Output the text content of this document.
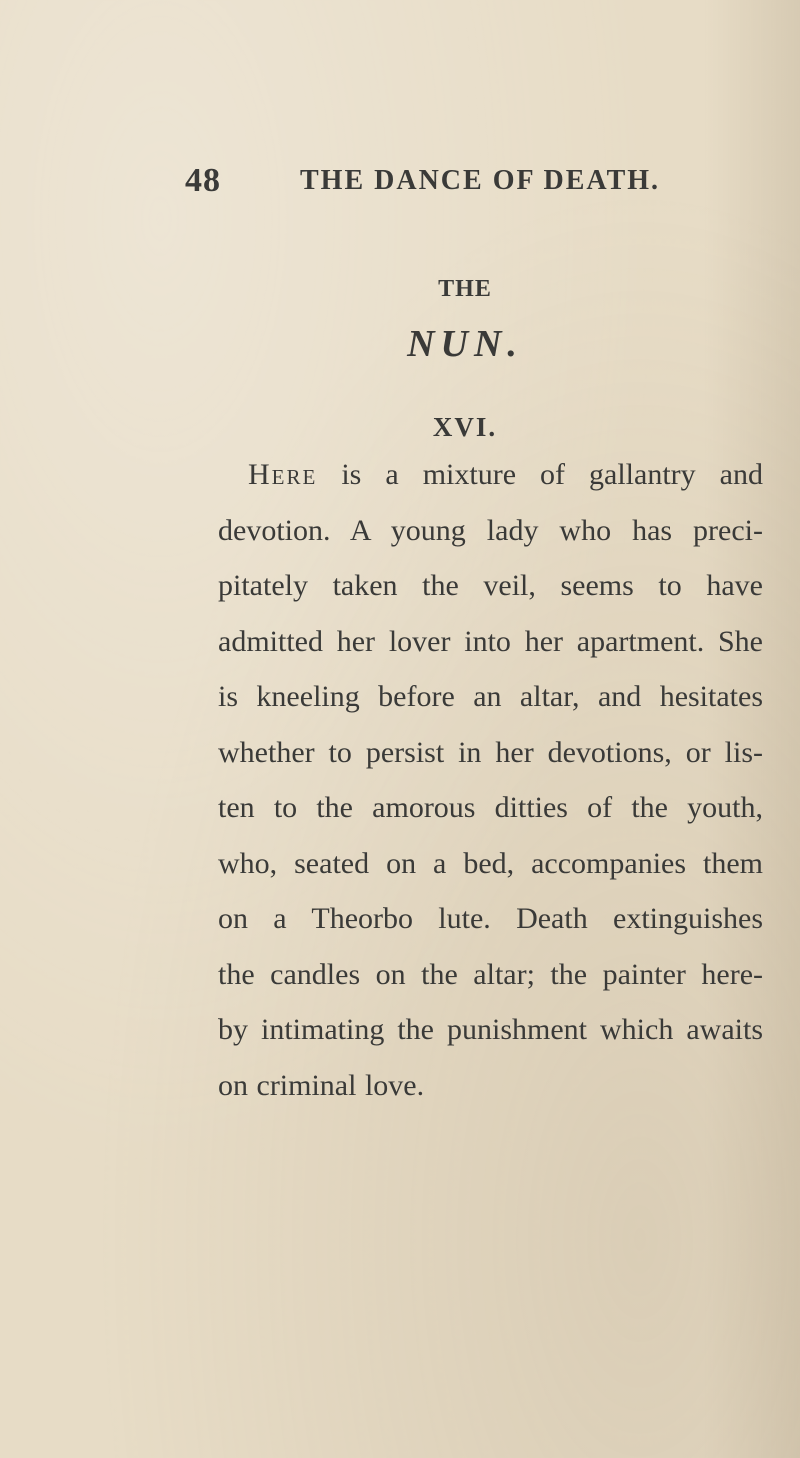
48	THE DANCE OF DEATH.
THE
NUN.
XVI.
Here is a mixture of gallantry and
devotion. A young lady who has preci-
pitately taken the veil, seems to have
admitted her lover into her apartment. She
is kneeling before an altar, and hesitates
whether to persist in her devotions, or lis-
ten to the amorous ditties of the youth,
who, seated on a bed, accompanies them
on a Theorbo lute. Death extinguishes
the candles on the altar; the painter here-
by intimating the punishment which awaits
on criminal love.
